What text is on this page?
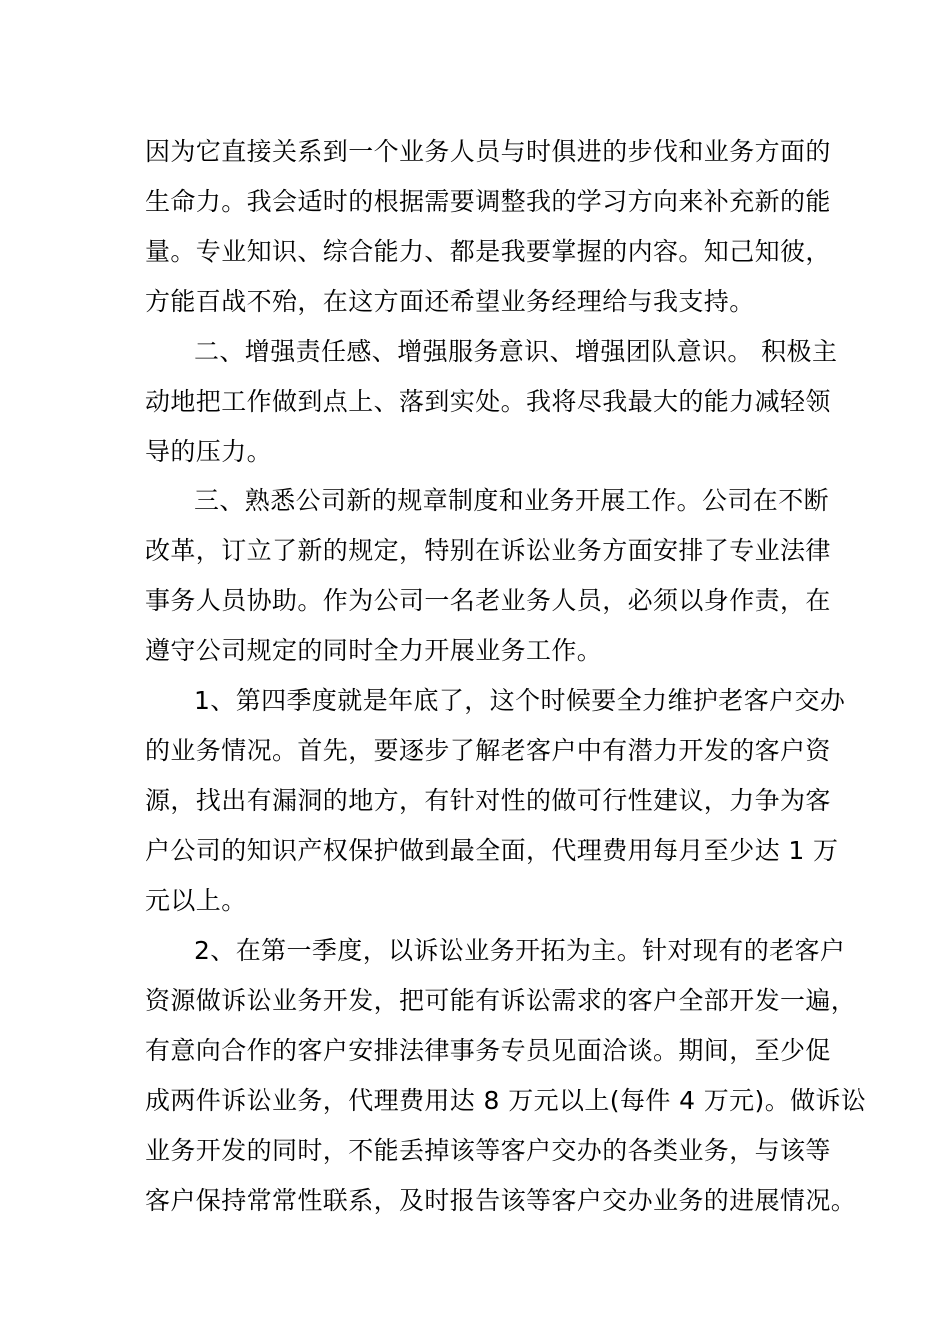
因为它直接关系到一个业务人员与时俱进的步伐和业务方面的
生命力。我会适时的根据需要调整我的学习方向来补充新的能
量。专业知识、综合能力、都是我要掌握的内容。知己知彼，
方能百战不殆，在这方面还希望业务经理给与我支持。
二、增强责任感、增强服务意识、增强团队意识。 积极主
动地把工作做到点上、落到实处。我将尽我最大的能力减轻领
导的压力。
三、熟悉公司新的规章制度和业务开展工作。公司在不断
改革，订立了新的规定，特别在诉讼业务方面安排了专业法律
事务人员协助。作为公司一名老业务人员，必须以身作责，在
遵守公司规定的同时全力开展业务工作。
1、第四季度就是年底了，这个时候要全力维护老客户交办
的业务情况。首先，要逐步了解老客户中有潜力开发的客户资
源，找出有漏洞的地方，有针对性的做可行性建议，力争为客
户公司的知识产权保护做到最全面，代理费用每月至少达 1 万
元以上。
2、在第一季度，以诉讼业务开拓为主。针对现有的老客户
资源做诉讼业务开发，把可能有诉讼需求的客户全部开发一遍，
有意向合作的客户安排法律事务专员见面洽谈。期间，至少促
成两件诉讼业务，代理费用达 8 万元以上(每件 4 万元)。做诉讼
业务开发的同时，不能丢掉该等客户交办的各类业务，与该等
客户保持常常性联系，及时报告该等客户交办业务的进展情况。
